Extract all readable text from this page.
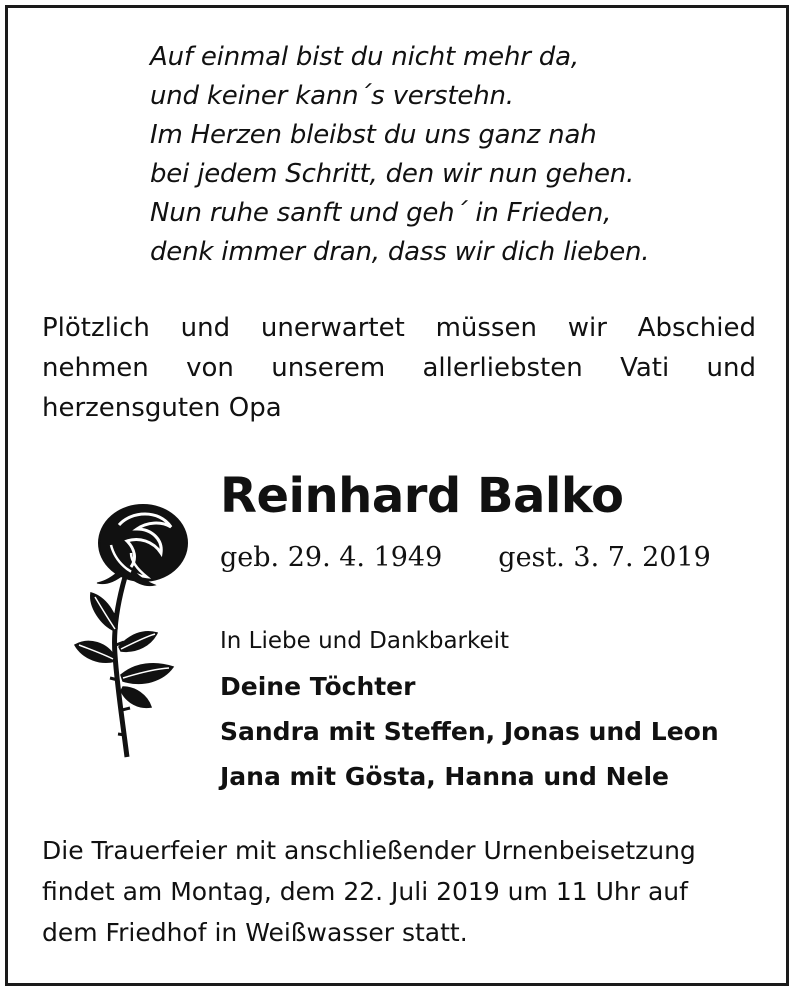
Auf einmal bist du nicht mehr da,
und keiner kann´s verstehn.
Im Herzen bleibst du uns ganz nah
bei jedem Schritt, den wir nun gehen.
Nun ruhe sanft und geh´ in Frieden,
denk immer dran, dass wir dich lieben.
Plötzlich und unerwartet müssen wir Abschied
nehmen von unserem allerliebsten Vati und
herzensguten Opa
Reinhard Balko
geb. 29. 4. 1949 gest. 3. 7. 2019
In Liebe und Dankbarkeit
Deine Töchter
Sandra mit Steffen, Jonas und Leon
Jana mit Gösta, Hanna und Nele
Die Trauerfeier mit anschließender Urnenbeisetzung
findet am Montag, dem 22. Juli 2019 um 11 Uhr auf
dem Friedhof in Weißwasser statt.
